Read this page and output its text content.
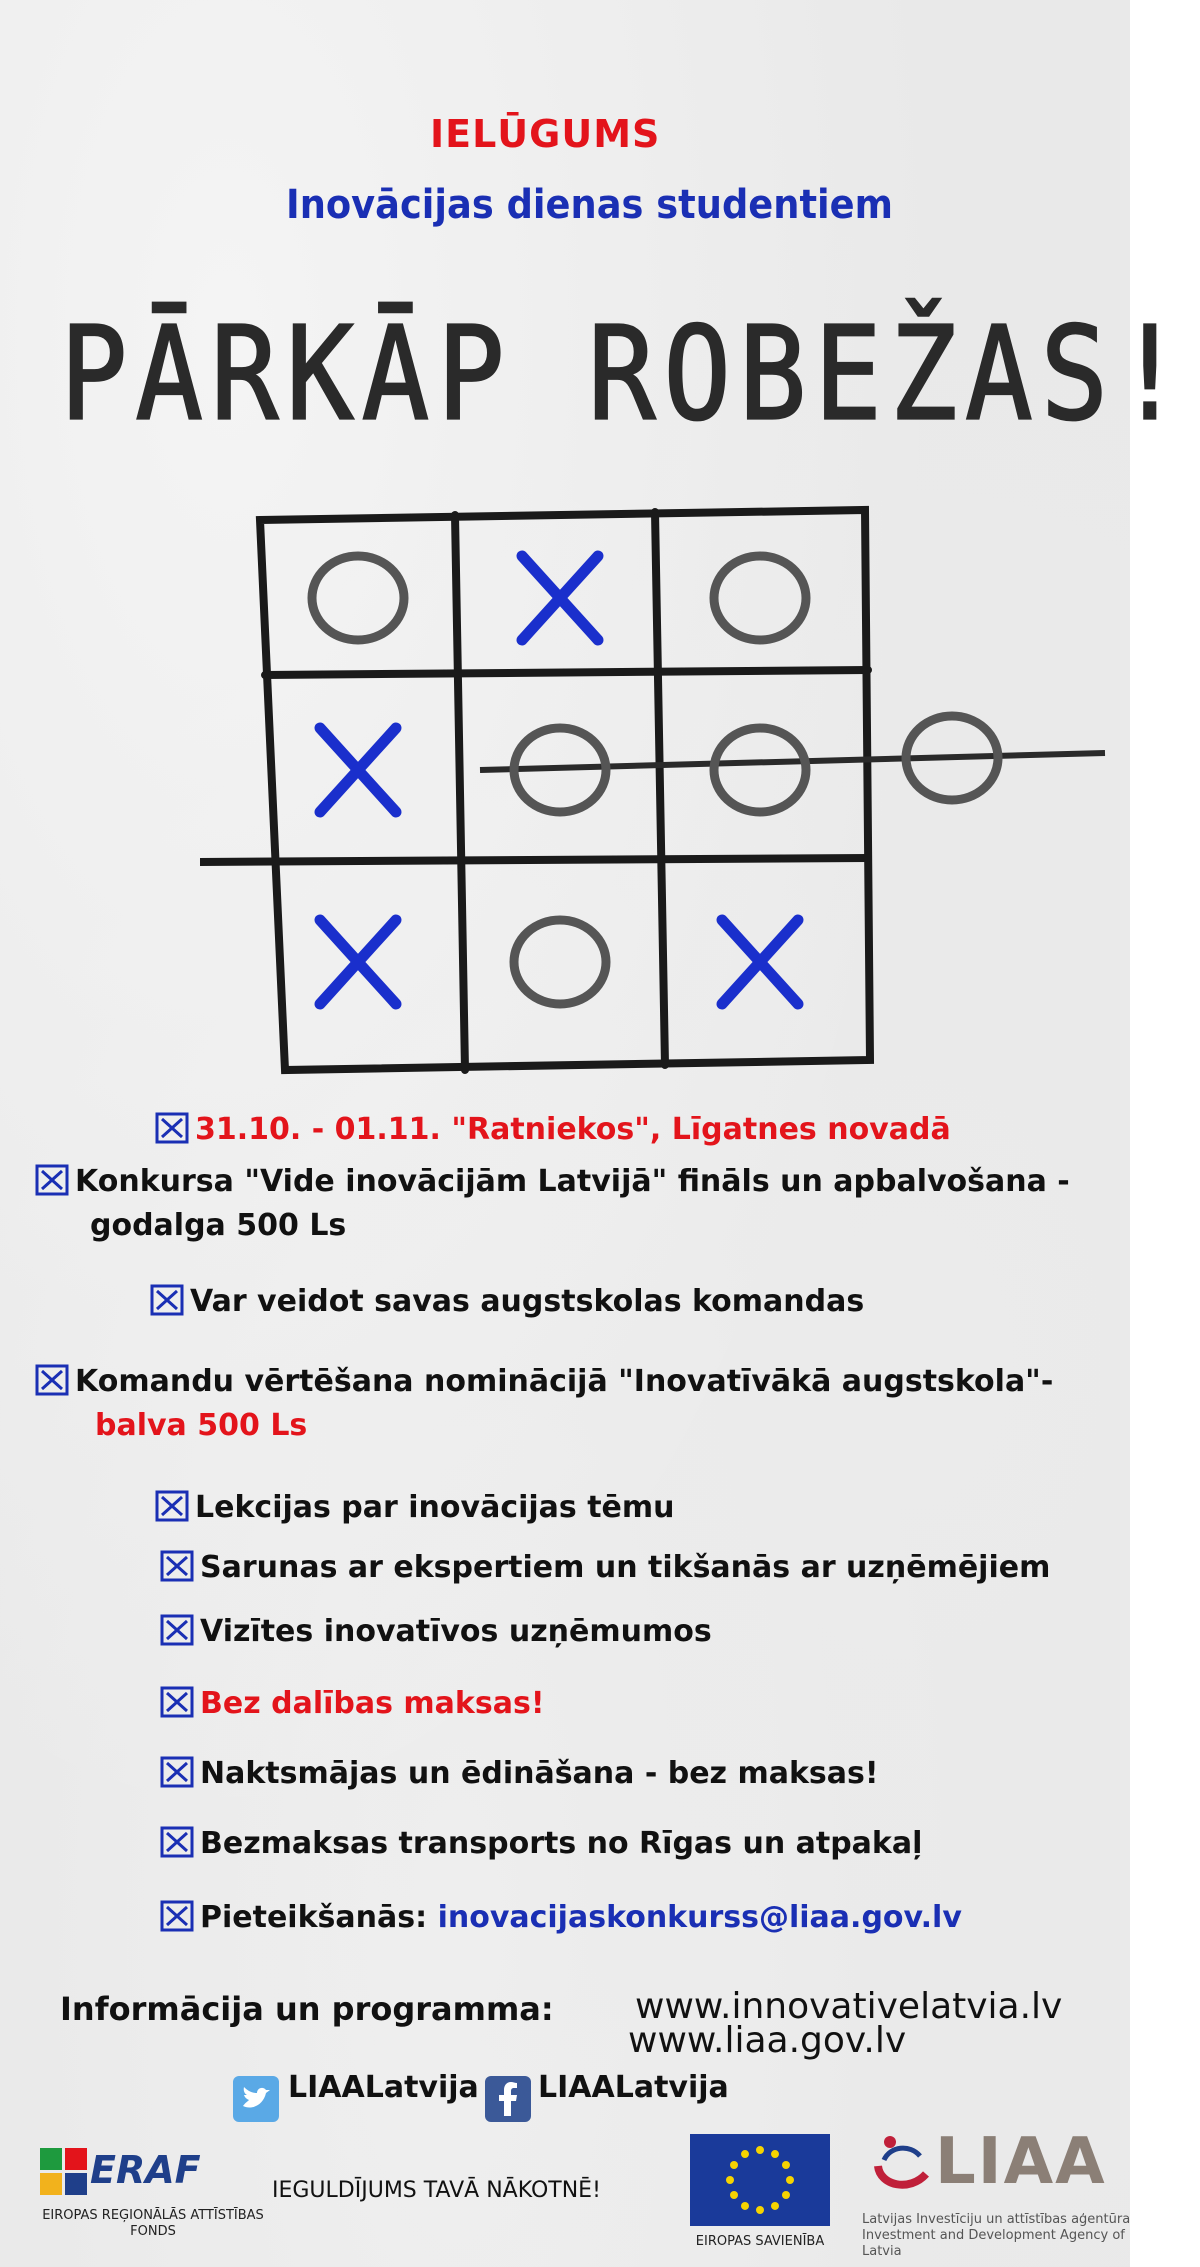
IELŪGUMS
Inovācijas dienas studentiem
PĀRKĀP ROBEŽAS!
31.10. - 01.11. "Ratniekos", Līgatnes novadā
Konkursa "Vide inovācijām Latvijā" fināls un apbalvošana -
godalga 500 Ls
Var veidot savas augstskolas komandas
Komandu vērtēšana nominācijā "Inovatīvākā augstskola"-
balva 500 Ls
Lekcijas par inovācijas tēmu
Sarunas ar ekspertiem un tikšanās ar uzņēmējiem
Vizītes inovatīvos uzņēmumos
Bez dalības maksas!
Naktsmājas un ēdināšana - bez maksas!
Bezmaksas transports no Rīgas un atpakaļ
Pieteikšanās: inovacijaskonkurss@liaa.gov.lv
Informācija un programma: www.innovativelatvia.lv
www.liaa.gov.lv
LIAALatvija LIAALatvija
ERAF
EIROPAS REĢIONĀLĀS ATTĪSTĪBAS FONDS
IEGULDĪJUMS TAVĀ NĀKOTNĒ!
EIROPAS SAVIENĪBA
LIAA
Latvijas Investīciju un attīstības aģentūra Investment and Development Agency of Latvia
